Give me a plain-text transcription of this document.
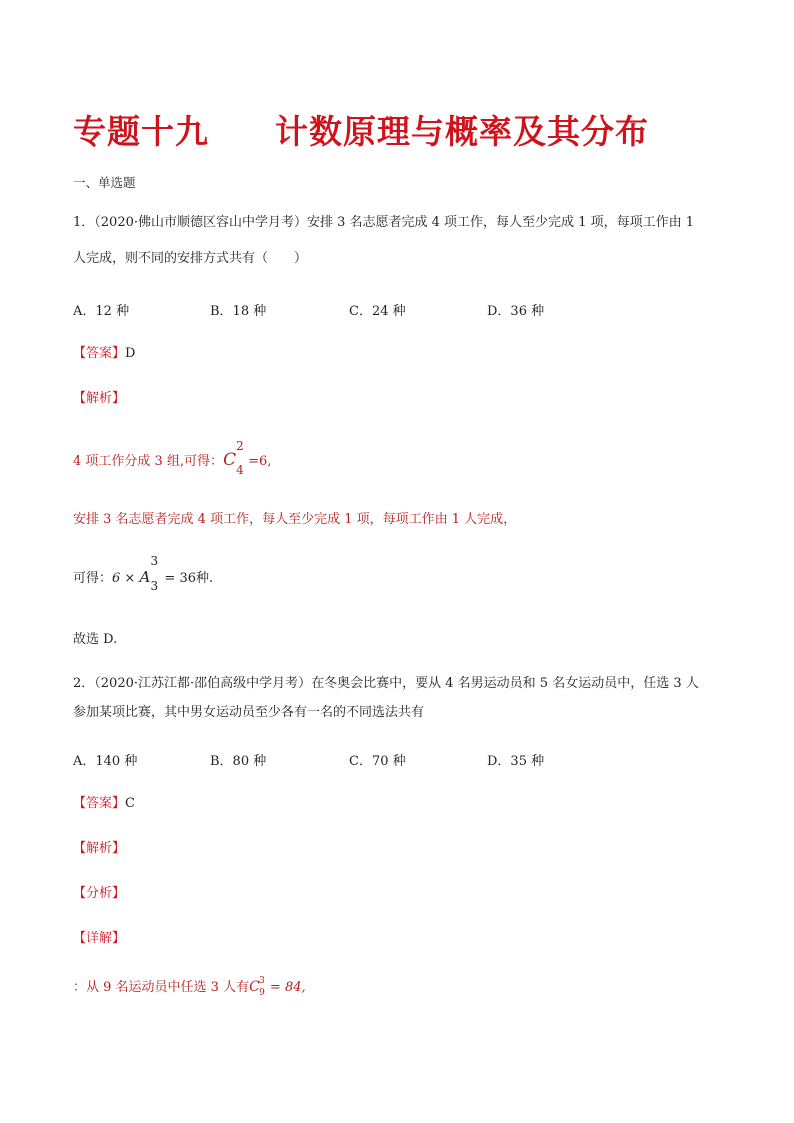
专题十九 计数原理与概率及其分布
一、单选题
1．（2020·佛山市顺德区容山中学月考）安排 3 名志愿者完成 4 项工作，每人至少完成 1 项，每项工作由 1
人完成，则不同的安排方式共有（　　）
A．12 种	B．18 种	C．24 种	D．36 种
【答案】D
【解析】
4 项工作分成 3 组,可得：C
2
4
=6,
安排 3 名志愿者完成 4 项工作，每人至少完成 1 项，每项工作由 1 人完成，
可得：6 × A
3
3 = 36种.
故选 D.
2．（2020·江苏江都·邵伯高级中学月考）在冬奥会比赛中，要从 4 名男运动员和 5 名女运动员中，任选 3 人
参加某项比赛，其中男女运动员至少各有一名的不同选法共有
A．140 种	B．80 种	C．70 种	D．35 种
【答案】C
【解析】
【分析】
【详解】
：从 9 名运动员中任选 3 人有C 3
9 = 84,
